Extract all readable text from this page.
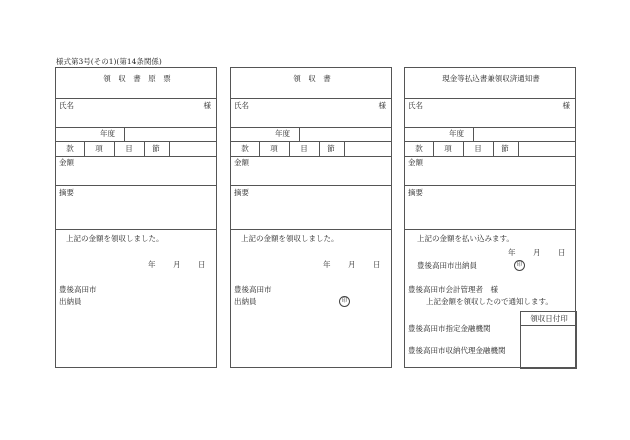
様式第3号(その1)(第14条関係)
領　収　書　原　票
氏名	様
年度
款	項	目	節
金額
摘要
上記の金額を領収しました。
年 月 日
豊後高田市
出納員
領　収　書
氏名	様
年度
款	項	目	節
金額
摘要
上記の金額を領収しました。
年 月 日
豊後高田市
出納員	印
現金等払込書兼領収済通知書
氏名	様
年度
款	項	目	節
金額
摘要
上記の金額を払い込みます。
年 月 日
豊後高田市出納員	印
豊後高田市会計管理者　様
上記金額を領収したので通知します。
領収日付印
豊後高田市指定金融機関
豊後高田市収納代理金融機関
